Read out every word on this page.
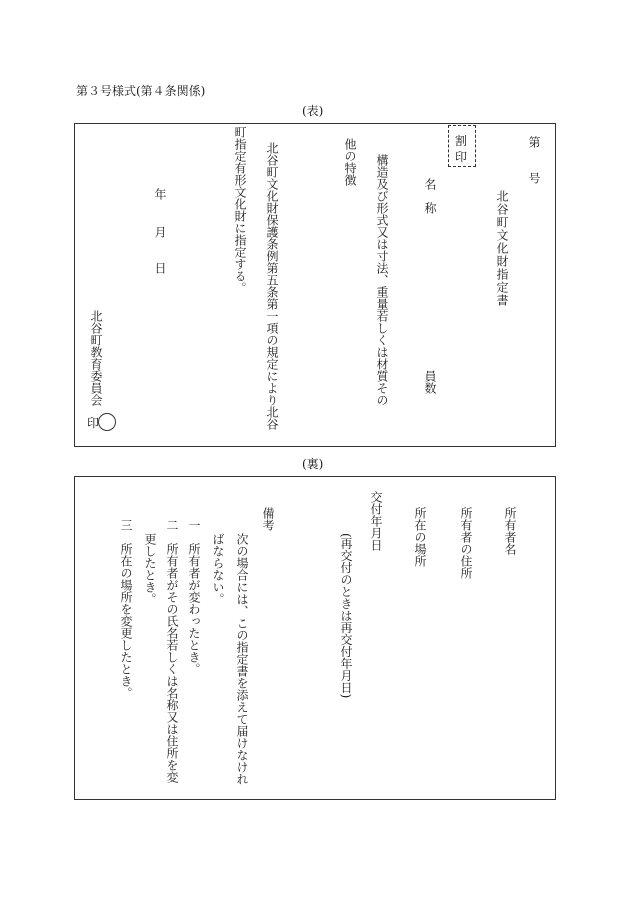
第３号様式(第４条関係)
(表)
第
号
北谷町文化財指定書
割
印
名　称
員数
構造及び形式又は寸法、重量若しくは材質その
他の特徴
北谷町文化財保護条例第五条第一項の規定により北谷
町指定有形文化財に指定する。
年
月
日
北谷町教育委員会
印
(裏)
所有者名
所有者の住所
所在の場所
交付年月日
(再交付のときは再交付年月日)
備考
次の場合には、この指定書を添えて届けなけれ
ばならない。
一　所有者が変わったとき。
二　所有者がその氏名若しくは名称又は住所を変
更したとき。
三　所在の場所を変更したとき。
